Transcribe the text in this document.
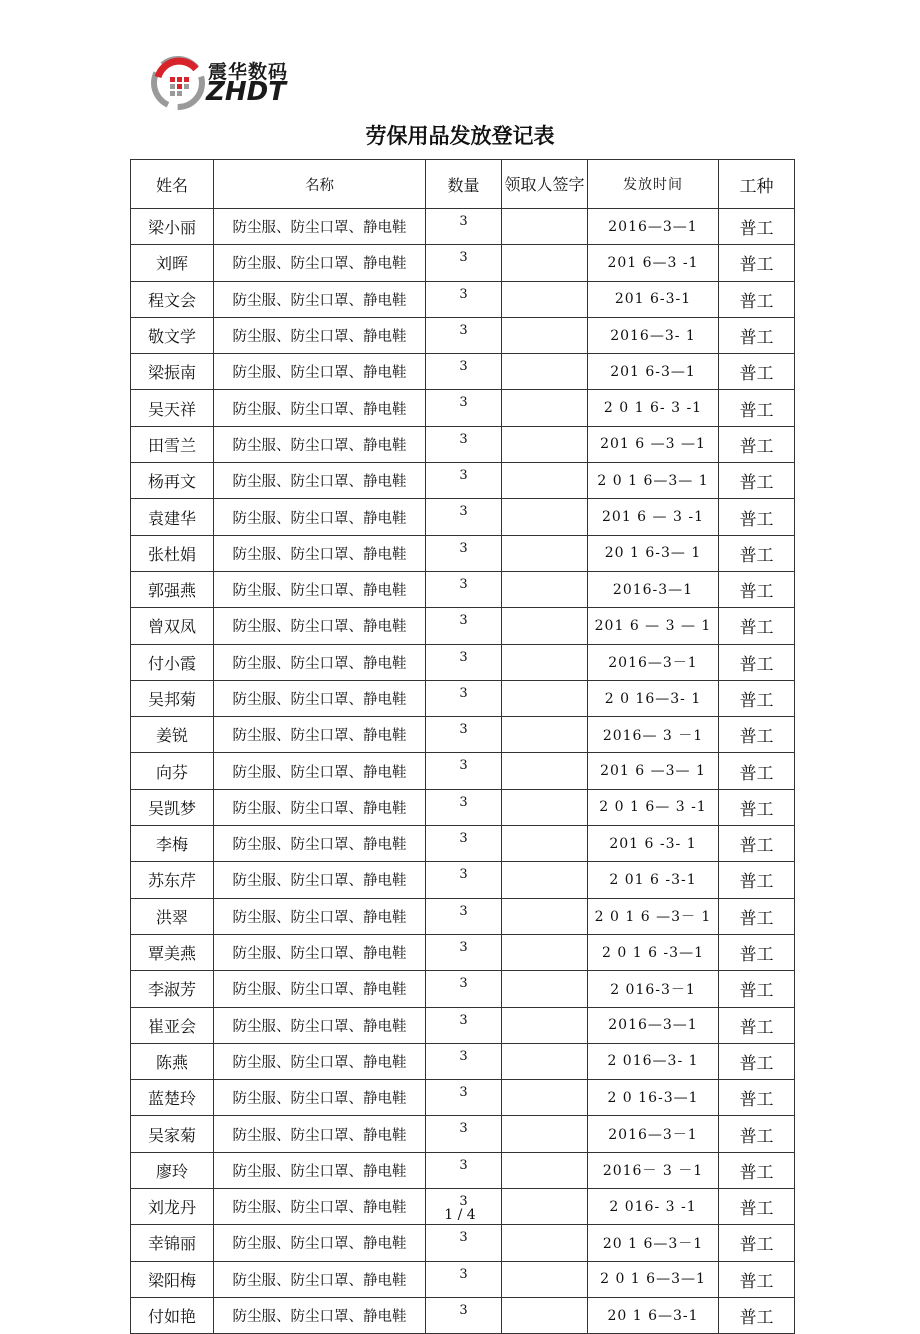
震华数码
ZHDT
劳保用品发放登记表
姓名	名称	数量	领取人签字	发放时间	工种
梁小丽	防尘服、防尘口罩、静电鞋	3		2016—3—1	普工
刘晖	防尘服、防尘口罩、静电鞋	3		201 6—3 -1	普工
程文会	防尘服、防尘口罩、静电鞋	3		201 6-3-1	普工
敬文学	防尘服、防尘口罩、静电鞋	3		2016—3- 1	普工
梁振南	防尘服、防尘口罩、静电鞋	3		201 6-3—1	普工
吴天祥	防尘服、防尘口罩、静电鞋	3		2 0 1 6- 3 -1	普工
田雪兰	防尘服、防尘口罩、静电鞋	3		201 6 —3 —1	普工
杨再文	防尘服、防尘口罩、静电鞋	3		2 0 1 6—3— 1	普工
袁建华	防尘服、防尘口罩、静电鞋	3		201 6 — 3 -1	普工
张杜娟	防尘服、防尘口罩、静电鞋	3		20 1 6-3— 1	普工
郭强燕	防尘服、防尘口罩、静电鞋	3		2016-3—1	普工
曾双凤	防尘服、防尘口罩、静电鞋	3		201 6 — 3 — 1	普工
付小霞	防尘服、防尘口罩、静电鞋	3		2016—3－1	普工
吴邦菊	防尘服、防尘口罩、静电鞋	3		2 0 16—3- 1	普工
姜锐	防尘服、防尘口罩、静电鞋	3		2016— 3 －1	普工
向芬	防尘服、防尘口罩、静电鞋	3		201 6 —3— 1	普工
吴凯梦	防尘服、防尘口罩、静电鞋	3		2 0 1 6— 3 -1	普工
李梅	防尘服、防尘口罩、静电鞋	3		201 6 -3- 1	普工
苏东芹	防尘服、防尘口罩、静电鞋	3		2 01 6 -3-1	普工
洪翠	防尘服、防尘口罩、静电鞋	3		2 0 1 6 —3－ 1	普工
覃美燕	防尘服、防尘口罩、静电鞋	3		2 0 1 6 -3—1	普工
李淑芳	防尘服、防尘口罩、静电鞋	3		2 016-3－1	普工
崔亚会	防尘服、防尘口罩、静电鞋	3		2016—3—1	普工
陈燕	防尘服、防尘口罩、静电鞋	3		2 016—3- 1	普工
蓝楚玲	防尘服、防尘口罩、静电鞋	3		2 0 16-3—1	普工
吴家菊	防尘服、防尘口罩、静电鞋	3		2016—3－1	普工
廖玲	防尘服、防尘口罩、静电鞋	3		2016－ 3 －1	普工
刘龙丹	防尘服、防尘口罩、静电鞋	3		2 016- 3 -1	普工
幸锦丽	防尘服、防尘口罩、静电鞋	3		20 1 6—3－1	普工
梁阳梅	防尘服、防尘口罩、静电鞋	3		2 0 1 6—3—1	普工
付如艳	防尘服、防尘口罩、静电鞋	3		20 1 6—3-1	普工
1 / 4
